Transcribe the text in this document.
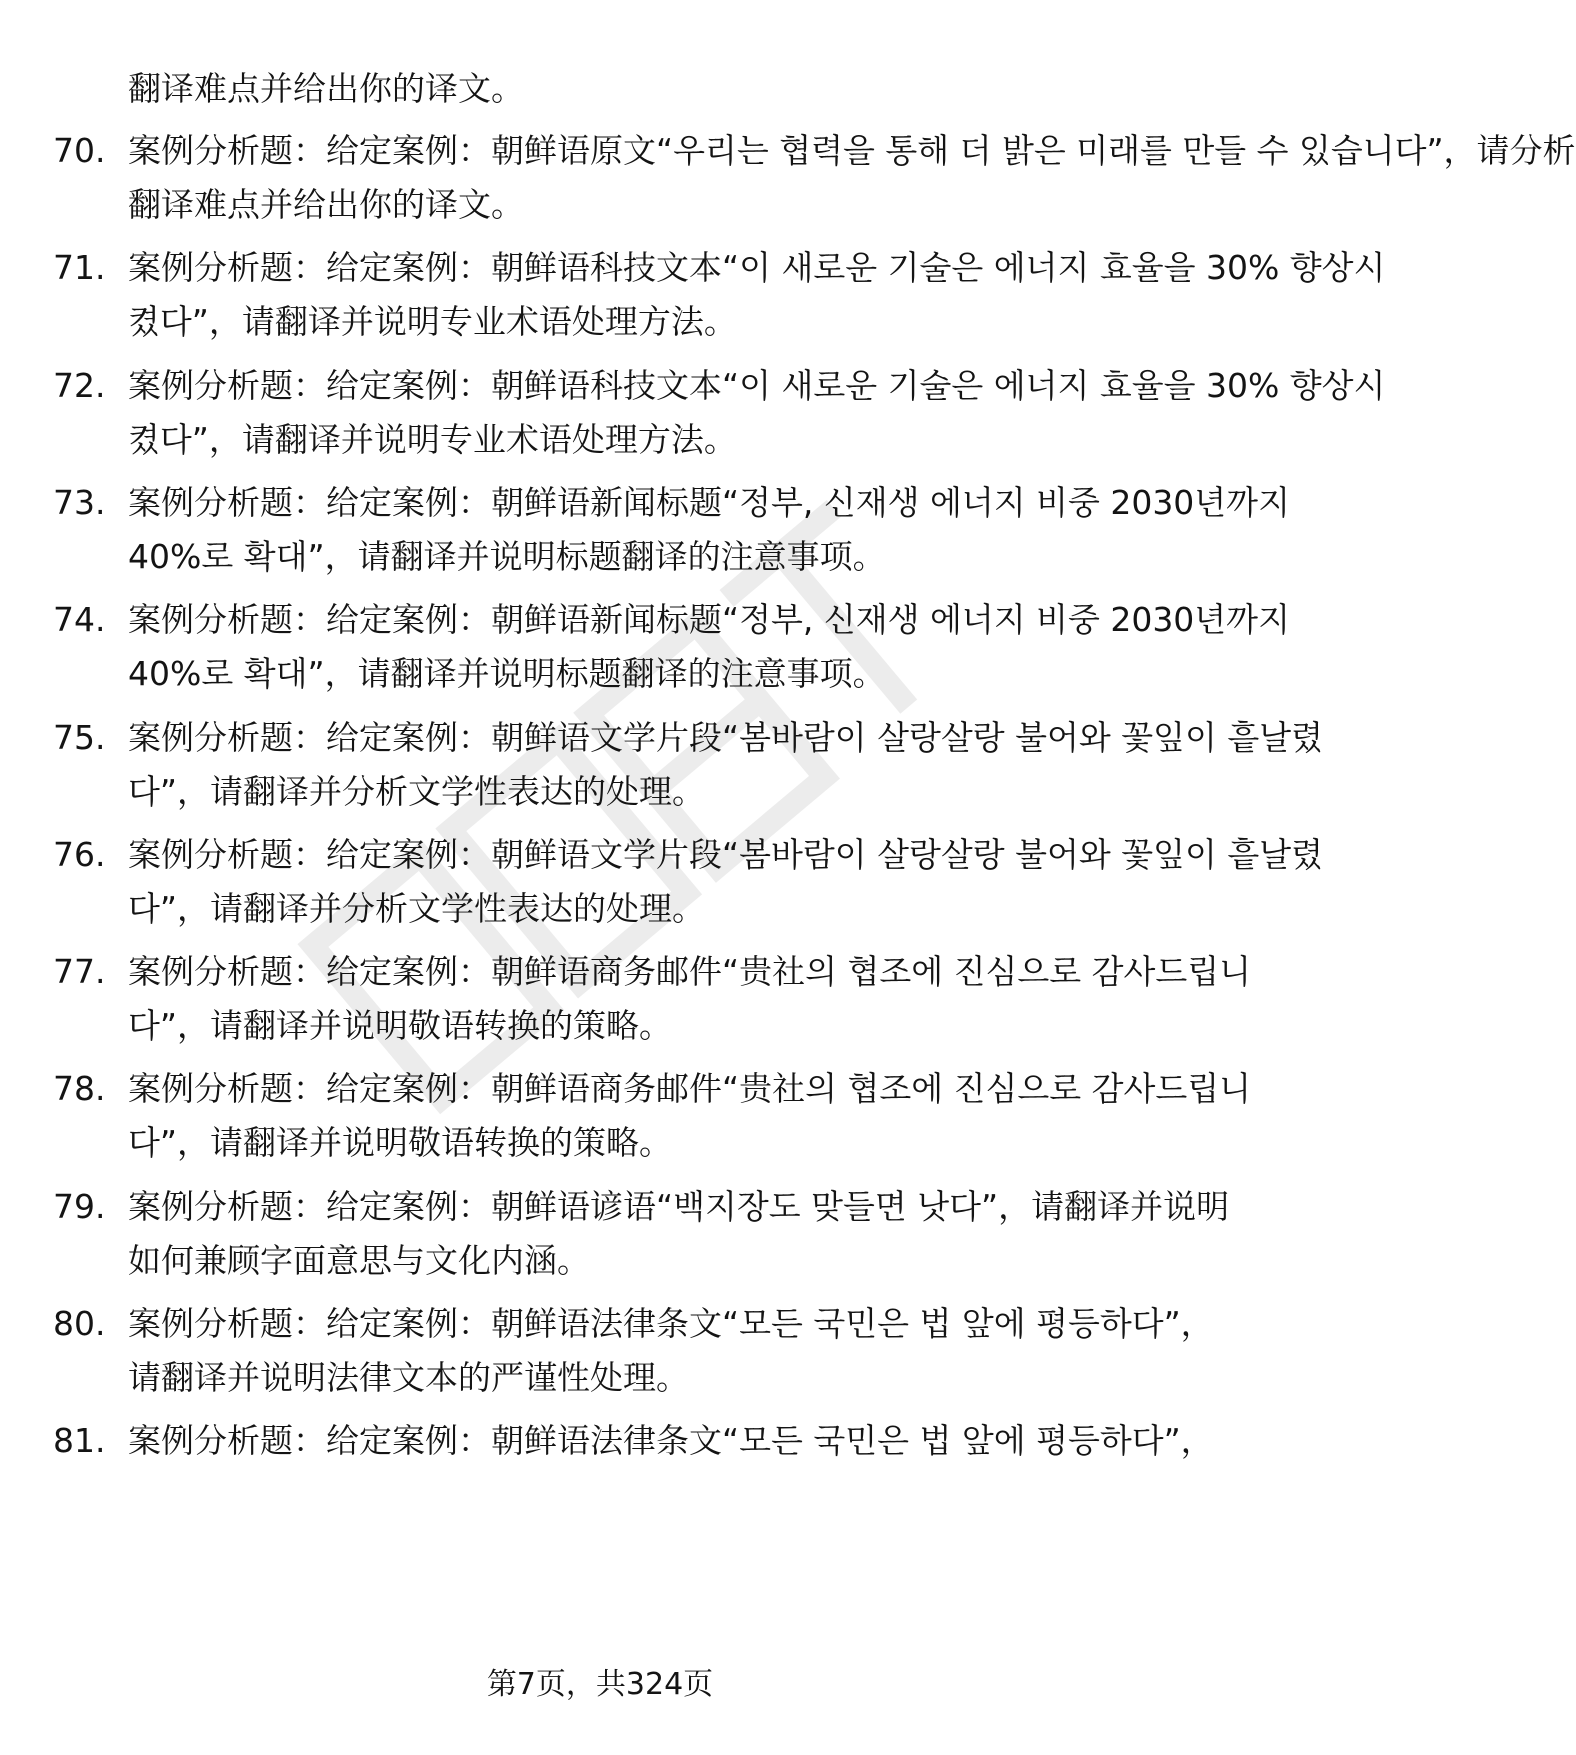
翻译难点并给出你的译文。
70. 案例分析题：给定案例：朝鲜语原文“우리는 협력을 통해 더 밝은 미래를 만들 수 있습니다”，请分析
翻译难点并给出你的译文。
71. 案例分析题：给定案例：朝鲜语科技文本“이 새로운 기술은 에너지 효율을 30% 향상시
켰다”，请翻译并说明专业术语处理方法。
72. 案例分析题：给定案例：朝鲜语科技文本“이 새로운 기술은 에너지 효율을 30% 향상시
켰다”，请翻译并说明专业术语处理方法。
73. 案例分析题：给定案例：朝鲜语新闻标题“정부, 신재생 에너지 비중 2030년까지
40%로 확대”，请翻译并说明标题翻译的注意事项。
74. 案例分析题：给定案例：朝鲜语新闻标题“정부, 신재생 에너지 비중 2030년까지
40%로 확대”，请翻译并说明标题翻译的注意事项。
75. 案例分析题：给定案例：朝鲜语文学片段“봄바람이 살랑살랑 불어와 꽃잎이 흩날렸
다”，请翻译并分析文学性表达的处理。
76. 案例分析题：给定案例：朝鲜语文学片段“봄바람이 살랑살랑 불어와 꽃잎이 흩날렸
다”，请翻译并分析文学性表达的处理。
77. 案例分析题：给定案例：朝鲜语商务邮件“贵社의 협조에 진심으로 감사드립니
다”，请翻译并说明敬语转换的策略。
78. 案例分析题：给定案例：朝鲜语商务邮件“贵社의 협조에 진심으로 감사드립니
다”，请翻译并说明敬语转换的策略。
79. 案例分析题：给定案例：朝鲜语谚语“백지장도 맞들면 낫다”，请翻译并说明
如何兼顾字面意思与文化内涵。
80. 案例分析题：给定案例：朝鲜语法律条文“모든 국민은 법 앞에 평등하다”，
请翻译并说明法律文本的严谨性处理。
81. 案例分析题：给定案例：朝鲜语法律条文“모든 국민은 법 앞에 평등하다”，
第7页，共324页
